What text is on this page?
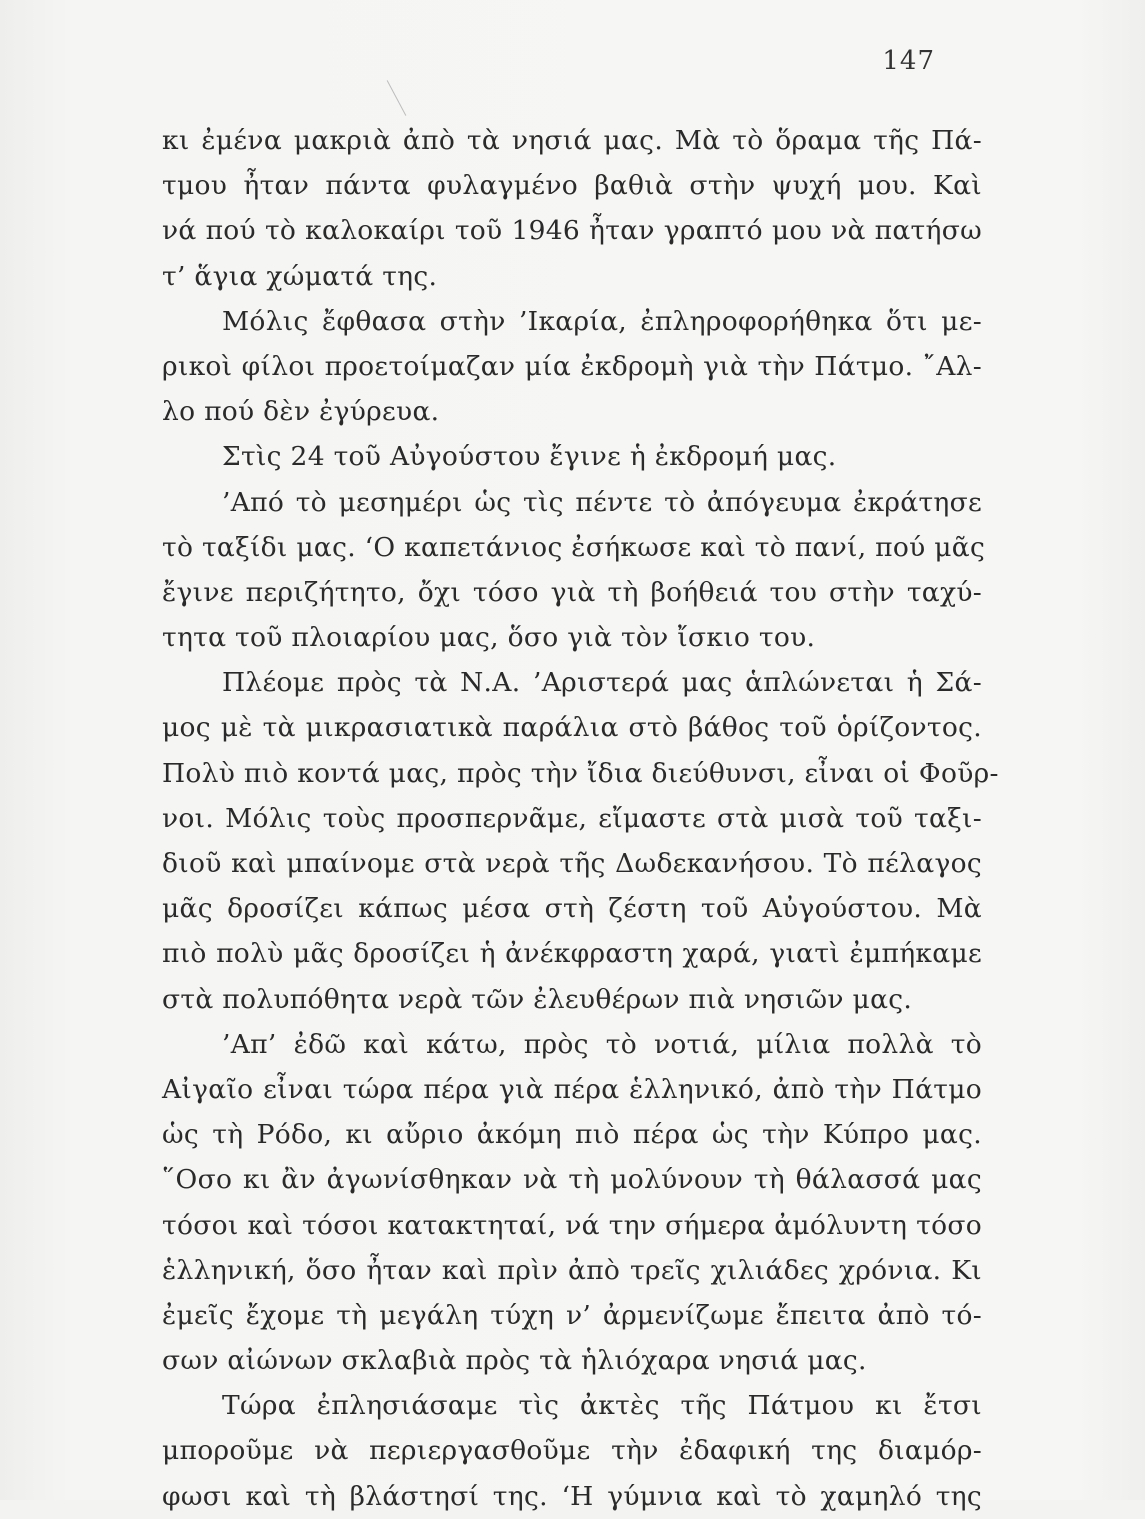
147
κι ἐμένα μακριὰ ἀπὸ τὰ νησιά μας. Μὰ τὸ ὅραμα τῆς Πά-
τμου ἦταν πάντα φυλαγμένο βαθιὰ στὴν ψυχή μου. Καὶ
νά πού τὸ καλοκαίρι τοῦ 1946 ἦταν γραπτό μου νὰ πατήσω
τ’ ἅγια χώματά της.
Μόλις ἔφθασα στὴν ’Ικαρία, ἐπληροφορήθηκα ὅτι με-
ρικοὶ φίλοι προετοίμαζαν μία ἐκδρομὴ γιὰ τὴν Πάτμο. ῎Αλ-
λο πού δὲν ἐγύρευα.
Στὶς 24 τοῦ Αὐγούστου ἔγινε ἡ ἐκδρομή μας.
’Από τὸ μεσημέρι ὡς τὶς πέντε τὸ ἀπόγευμα ἐκράτησε
τὸ ταξίδι μας. ‘Ο καπετάνιος ἐσήκωσε καὶ τὸ πανί, πού μᾶς
ἔγινε περιζήτητο, ὄχι τόσο γιὰ τὴ βοήθειά του στὴν ταχύ-
τητα τοῦ πλοιαρίου μας, ὅσο γιὰ τὸν ἴσκιο του.
Πλέομε πρὸς τὰ Ν.Α. ’Αριστερά μας ἁπλώνεται ἡ Σά-
μος μὲ τὰ μικρασιατικὰ παράλια στὸ βάθος τοῦ ὁρίζοντος.
Πολὺ πιὸ κοντά μας, πρὸς τὴν ἴδια διεύθυνσι, εἶναι οἱ Φοῦρ-
νοι. Μόλις τοὺς προσπερνᾶμε, εἴμαστε στὰ μισὰ τοῦ ταξι-
διοῦ καὶ μπαίνομε στὰ νερὰ τῆς Δωδεκανήσου. Τὸ πέλαγος
μᾶς δροσίζει κάπως μέσα στὴ ζέστη τοῦ Αὐγούστου. Μὰ
πιὸ πολὺ μᾶς δροσίζει ἡ ἀνέκφραστη χαρά, γιατὶ ἐμπήκαμε
στὰ πολυπόθητα νερὰ τῶν ἐλευθέρων πιὰ νησιῶν μας.
’Απ’ ἐδῶ καὶ κάτω, πρὸς τὸ νοτιά, μίλια πολλὰ τὸ
Αἰγαῖο εἶναι τώρα πέρα γιὰ πέρα ἑλληνικό, ἀπὸ τὴν Πάτμο
ὡς τὴ Ρόδο, κι αὔριο ἀκόμη πιὸ πέρα ὡς τὴν Κύπρο μας.
῞Οσο κι ἂν ἀγωνίσθηκαν νὰ τὴ μολύνουν τὴ θάλασσά μας
τόσοι καὶ τόσοι κατακτηταί, νά την σήμερα ἀμόλυντη τόσο
ἑλληνική, ὅσο ἦταν καὶ πρὶν ἀπὸ τρεῖς χιλιάδες χρόνια. Κι
ἐμεῖς ἔχομε τὴ μεγάλη τύχη ν’ ἀρμενίζωμε ἔπειτα ἀπὸ τό-
σων αἰώνων σκλαβιὰ πρὸς τὰ ἡλιόχαρα νησιά μας.
Τώρα ἐπλησιάσαμε τὶς ἀκτὲς τῆς Πάτμου κι ἔτσι
μποροῦμε νὰ περιεργασθοῦμε τὴν ἐδαφική της διαμόρ-
φωσι καὶ τὴ βλάστησί της. ‘Η γύμνια καὶ τὸ χαμηλό της
